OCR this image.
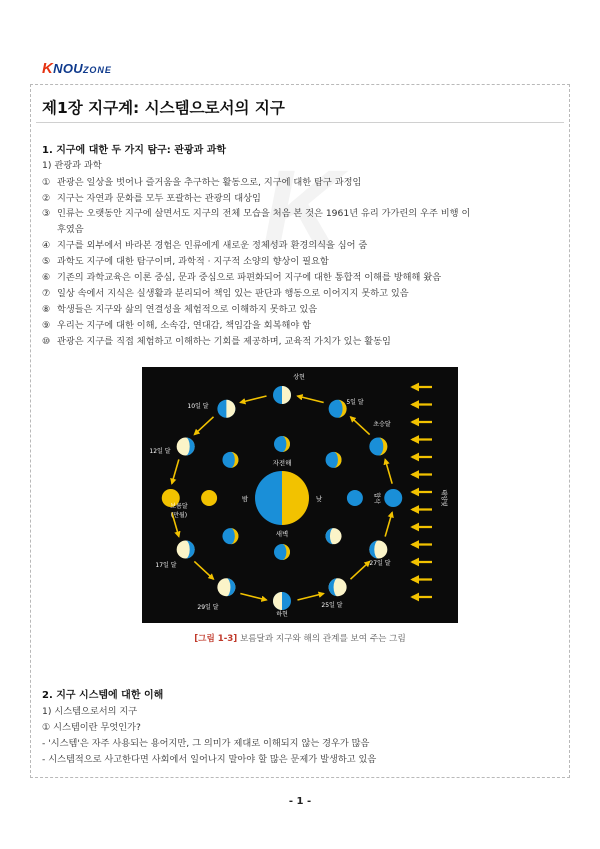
KNOUZONE
K
제1장 지구계: 시스템으로서의 지구
1. 지구에 대한 두 가지 탐구: 관광과 과학
1) 관광과 과학
① 관광은 일상을 벗어나 즐거움을 추구하는 활동으로, 지구에 대한 탐구 과정임
② 지구는 자연과 문화를 모두 포괄하는 관광의 대상임
③ 인류는 오랫동안 지구에 살면서도 지구의 전체 모습을 처음 본 것은 1961년 유리 가가린의 우주 비행 이
후였음
④ 지구를 외부에서 바라본 경험은 인류에게 새로운 정체성과 환경의식을 심어 줌
⑤ 과학도 지구에 대한 탐구이며, 과학적 · 지구적 소양의 향상이 필요함
⑥ 기존의 과학교육은 이론 중심, 문과 중심으로 파편화되어 지구에 대한 통합적 이해를 방해해 왔음
⑦ 일상 속에서 지식은 실생활과 분리되어 책임 있는 판단과 행동으로 이어지지 못하고 있음
⑧ 학생들은 지구와 삶의 연결성을 체험적으로 이해하지 못하고 있음
⑨ 우리는 지구에 대한 이해, 소속감, 연대감, 책임감을 회복해야 함
⑩ 관광은 지구를 직접 체험하고 이해하는 기회를 제공하며, 교육적 가치가 있는 활동임
자전해
밤	낮
새벽
태양빛
상현
5일 달
초승달
합삭
27일 달
25일 달
하현
29일 달
17일 달
보름달
(만월)
12일 달
10일 달
[그림 1-3] 보름달과 지구와 해의 관계를 보여 주는 그림
2. 지구 시스템에 대한 이해
1) 시스템으로서의 지구
① 시스템이란 무엇인가?
- '시스템'은 자주 사용되는 용어지만, 그 의미가 제대로 이해되지 않는 경우가 많음
- 시스템적으로 사고한다면 사회에서 일어나지 말아야 할 많은 문제가 발생하고 있음
- 1 -
